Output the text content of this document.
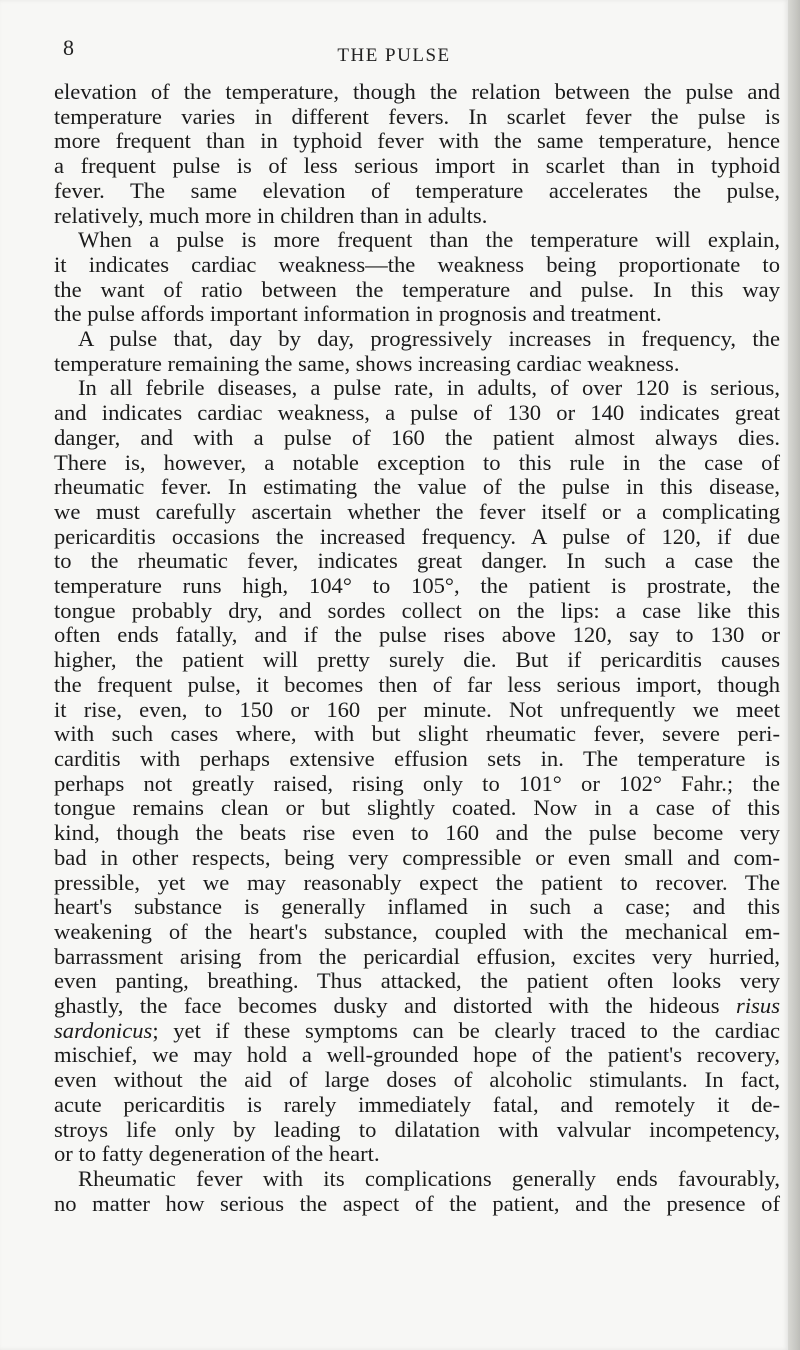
8	THE PULSE
elevation of the temperature, though the relation between the pulse and
temperature varies in different fevers. In scarlet fever the pulse is
more frequent than in typhoid fever with the same temperature, hence
a frequent pulse is of less serious import in scarlet than in typhoid
fever. The same elevation of temperature accelerates the pulse,
relatively, much more in children than in adults.
When a pulse is more frequent than the temperature will explain,
it indicates cardiac weakness—the weakness being proportionate to
the want of ratio between the temperature and pulse. In this way
the pulse affords important information in prognosis and treatment.
A pulse that, day by day, progressively increases in frequency, the
temperature remaining the same, shows increasing cardiac weakness.
In all febrile diseases, a pulse rate, in adults, of over 120 is serious,
and indicates cardiac weakness, a pulse of 130 or 140 indicates great
danger, and with a pulse of 160 the patient almost always dies.
There is, however, a notable exception to this rule in the case of
rheumatic fever. In estimating the value of the pulse in this disease,
we must carefully ascertain whether the fever itself or a complicating
pericarditis occasions the increased frequency. A pulse of 120, if due
to the rheumatic fever, indicates great danger. In such a case the
temperature runs high, 104° to 105°, the patient is prostrate, the
tongue probably dry, and sordes collect on the lips: a case like this
often ends fatally, and if the pulse rises above 120, say to 130 or
higher, the patient will pretty surely die. But if pericarditis causes
the frequent pulse, it becomes then of far less serious import, though
it rise, even, to 150 or 160 per minute. Not unfrequently we meet
with such cases where, with but slight rheumatic fever, severe peri-
carditis with perhaps extensive effusion sets in. The temperature is
perhaps not greatly raised, rising only to 101° or 102° Fahr.; the
tongue remains clean or but slightly coated. Now in a case of this
kind, though the beats rise even to 160 and the pulse become very
bad in other respects, being very compressible or even small and com-
pressible, yet we may reasonably expect the patient to recover. The
heart's substance is generally inflamed in such a case; and this
weakening of the heart's substance, coupled with the mechanical em-
barrassment arising from the pericardial effusion, excites very hurried,
even panting, breathing. Thus attacked, the patient often looks very
ghastly, the face becomes dusky and distorted with the hideous risus
sardonicus; yet if these symptoms can be clearly traced to the cardiac
mischief, we may hold a well-grounded hope of the patient's recovery,
even without the aid of large doses of alcoholic stimulants. In fact,
acute pericarditis is rarely immediately fatal, and remotely it de-
stroys life only by leading to dilatation with valvular incompetency,
or to fatty degeneration of the heart.
Rheumatic fever with its complications generally ends favourably,
no matter how serious the aspect of the patient, and the presence of
